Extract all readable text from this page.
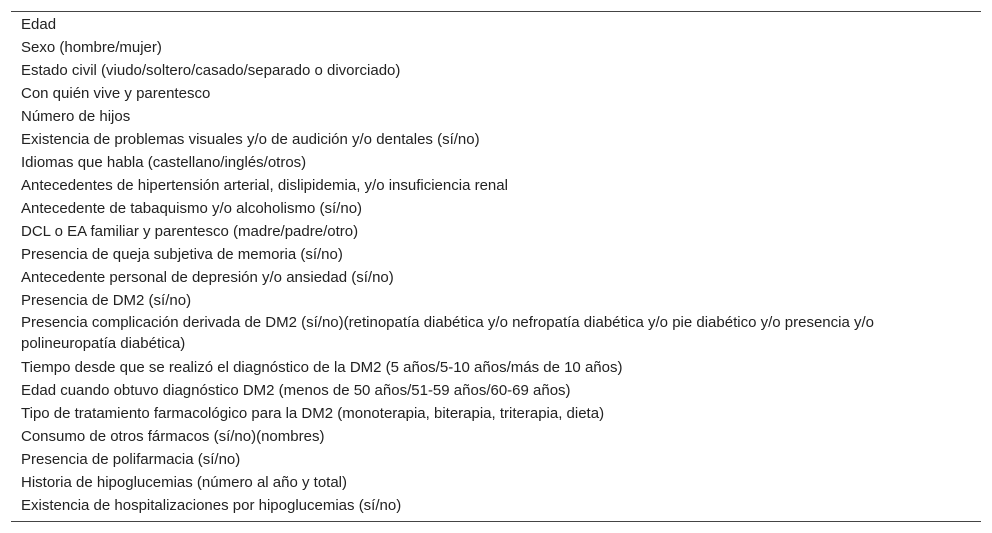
Edad
Sexo (hombre/mujer)
Estado civil (viudo/soltero/casado/separado o divorciado)
Con quién vive y parentesco
Número de hijos
Existencia de problemas visuales y/o de audición y/o dentales (sí/no)
Idiomas que habla (castellano/inglés/otros)
Antecedentes de hipertensión arterial, dislipidemia, y/o insuficiencia renal
Antecedente de tabaquismo y/o alcoholismo (sí/no)
DCL o EA familiar y parentesco (madre/padre/otro)
Presencia de queja subjetiva de memoria (sí/no)
Antecedente personal de depresión y/o ansiedad (sí/no)
Presencia de DM2 (sí/no)
Presencia complicación derivada de DM2 (sí/no)(retinopatía diabética y/o nefropatía diabética y/o pie diabético y/o presencia y/o polineuropatía diabética)
Tiempo desde que se realizó el diagnóstico de la DM2 (5 años/5-10 años/más de 10 años)
Edad cuando obtuvo diagnóstico DM2 (menos de 50 años/51-59 años/60-69 años)
Tipo de tratamiento farmacológico para la DM2 (monoterapia, biterapia, triterapia, dieta)
Consumo de otros fármacos (sí/no)(nombres)
Presencia de polifarmacia (sí/no)
Historia de hipoglucemias (número al año y total)
Existencia de hospitalizaciones por hipoglucemias (sí/no)
